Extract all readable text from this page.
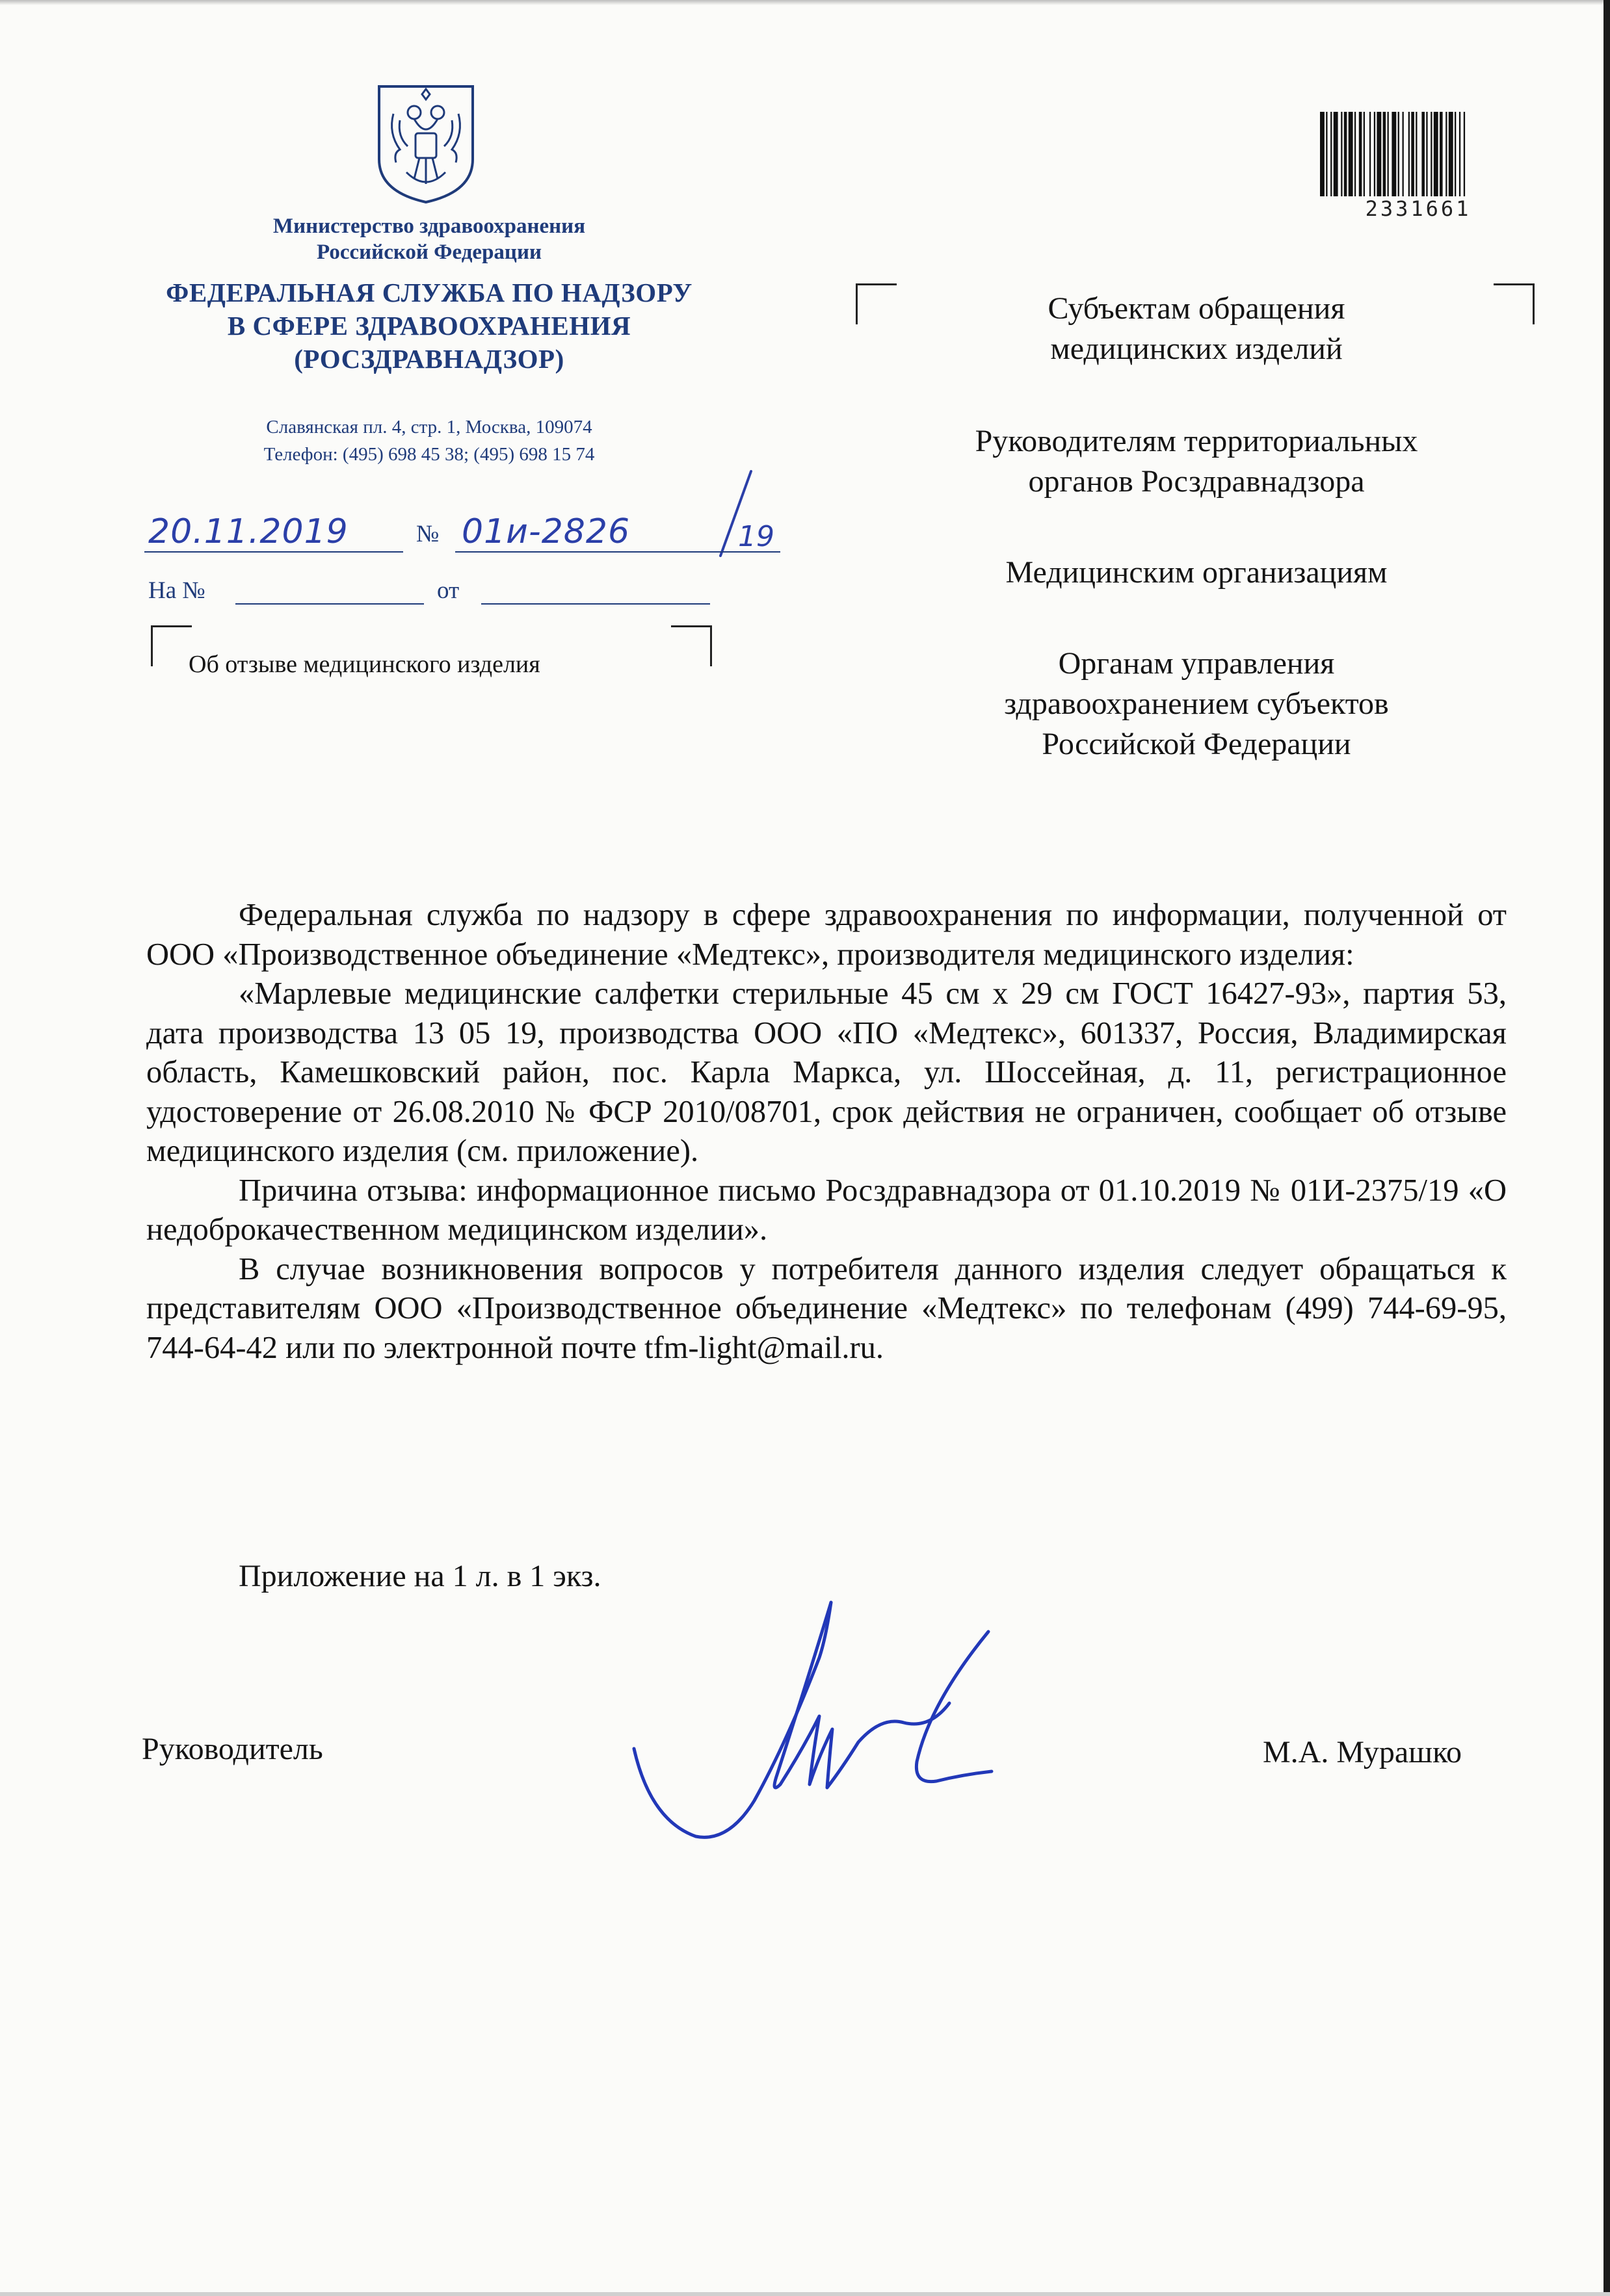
Министерство здравоохранения
Российской Федерации
ФЕДЕРАЛЬНАЯ СЛУЖБА ПО НАДЗОРУ
В СФЕРЕ ЗДРАВООХРАНЕНИЯ
(РОСЗДРАВНАДЗОР)
Славянская пл. 4, стр. 1, Москва, 109074
Телефон: (495) 698 45 38; (495) 698 15 74
20.11.2019	№ 01и-2826	19
На №	от
Об отзыве медицинского изделия
2331661
Субъектам обращения
медицинских изделий
Руководителям территориальных
органов Росздравнадзора
Медицинским организациям
Органам управления
здравоохранением субъектов
Российской Федерации

Федеральная служба по надзору в сфере здравоохранения по информации, полученной от ООО «Производственное объединение «Медтекс», производителя медицинского изделия:

«Марлевые медицинские салфетки стерильные 45 см х 29 см ГОСТ 16427-93», партия 53, дата производства 13 05 19, производства ООО «ПО «Медтекс», 601337, Россия, Владимирская область, Камешковский район, пос. Карла Маркса, ул. Шоссейная, д. 11, регистрационное удостоверение от 26.08.2010 № ФСР 2010/08701, срок действия не ограничен, сообщает об отзыве медицинского изделия (см. приложение).

Причина отзыва: информационное письмо Росздравнадзора от 01.10.2019 № 01И-2375/19 «О недоброкачественном медицинском изделии».

В случае возникновения вопросов у потребителя данного изделия следует обращаться к представителям ООО «Производственное объединение «Медтекс» по телефонам (499) 744-69-95, 744-64-42 или по электронной почте tfm-light@mail.ru.

Приложение на 1 л. в 1 экз.
Руководитель	М.А. Мурашко
